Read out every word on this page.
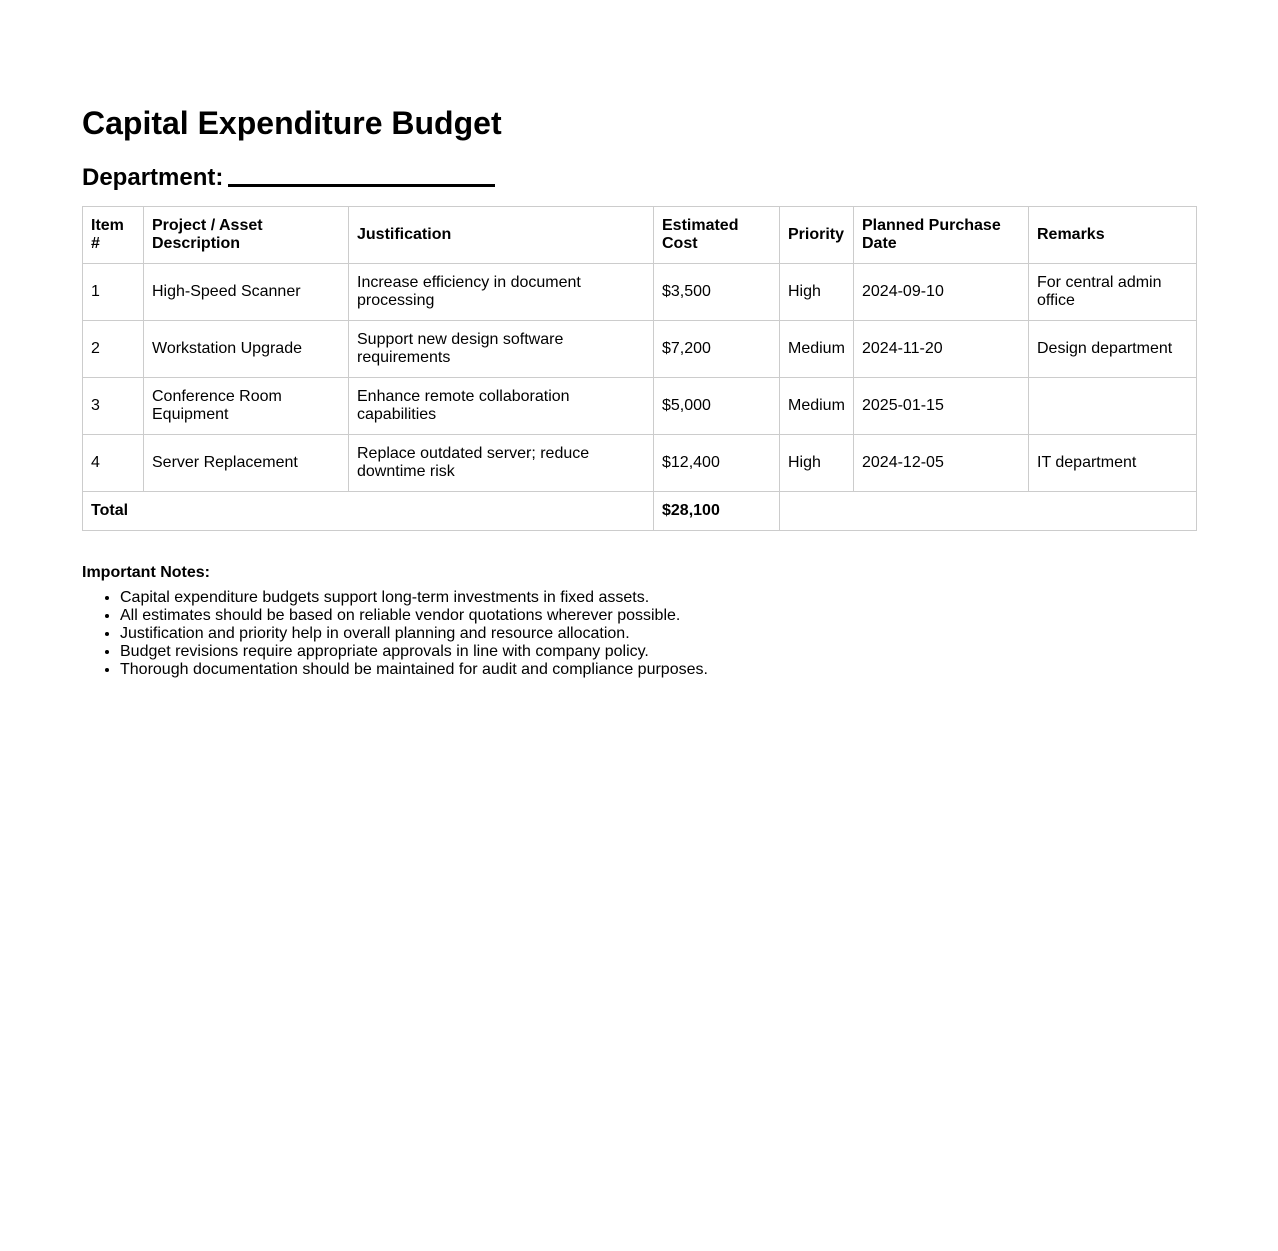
Capital Expenditure Budget
Department:
Item #	Project / Asset Description	Justification	Estimated Cost	Priority	Planned Purchase Date	Remarks
1	High-Speed Scanner	Increase efficiency in document processing	$3,500	High	2024-09-10	For central admin office
2	Workstation Upgrade	Support new design software requirements	$7,200	Medium	2024-11-20	Design department
3	Conference Room Equipment	Enhance remote collaboration capabilities	$5,000	Medium	2025-01-15	
4	Server Replacement	Replace outdated server; reduce downtime risk	$12,400	High	2024-12-05	IT department
Total			$28,100			
Important Notes:
• Capital expenditure budgets support long-term investments in fixed assets.
• All estimates should be based on reliable vendor quotations wherever possible.
• Justification and priority help in overall planning and resource allocation.
• Budget revisions require appropriate approvals in line with company policy.
• Thorough documentation should be maintained for audit and compliance purposes.
